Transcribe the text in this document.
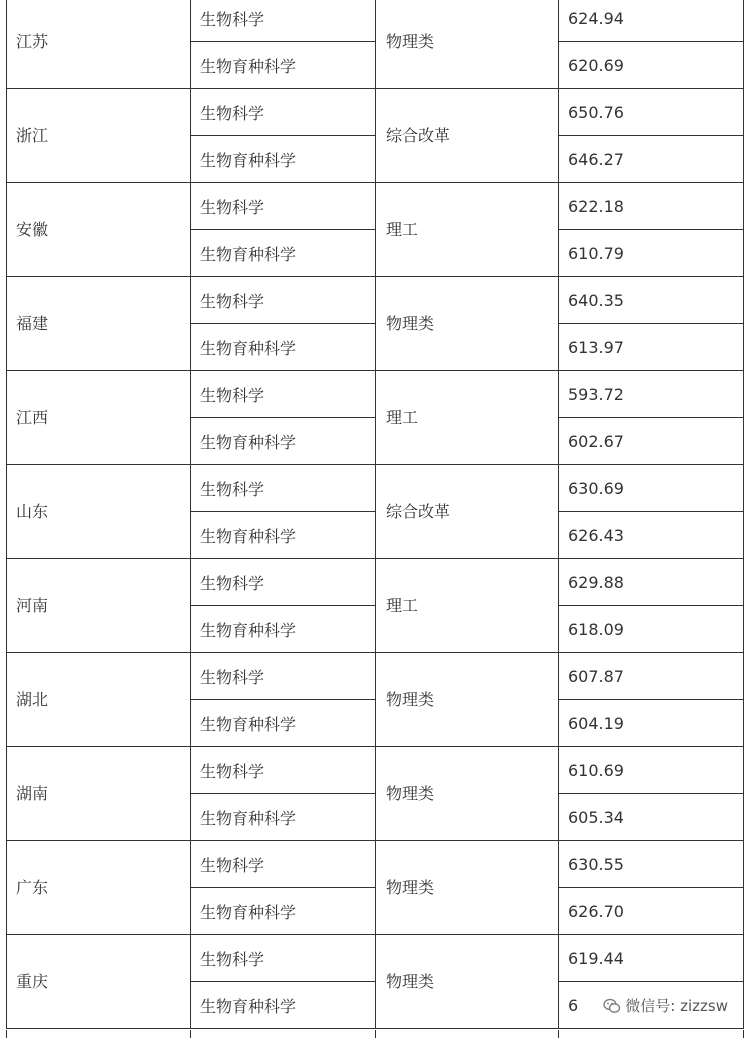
江苏
生物科学
生物育种科学
物理类
624.94
620.69
浙江
生物科学
生物育种科学
综合改革
650.76
646.27
安徽
生物科学
生物育种科学
理工
622.18
610.79
福建
生物科学
生物育种科学
物理类
640.35
613.97
江西
生物科学
生物育种科学
理工
593.72
602.67
山东
生物科学
生物育种科学
综合改革
630.69
626.43
河南
生物科学
生物育种科学
理工
629.88
618.09
湖北
生物科学
生物育种科学
物理类
607.87
604.19
湖南
生物科学
生物育种科学
物理类
610.69
605.34
广东
生物科学
生物育种科学
物理类
630.55
626.70
重庆
生物科学
生物育种科学
物理类
619.44
6	微信号: zizzsw
